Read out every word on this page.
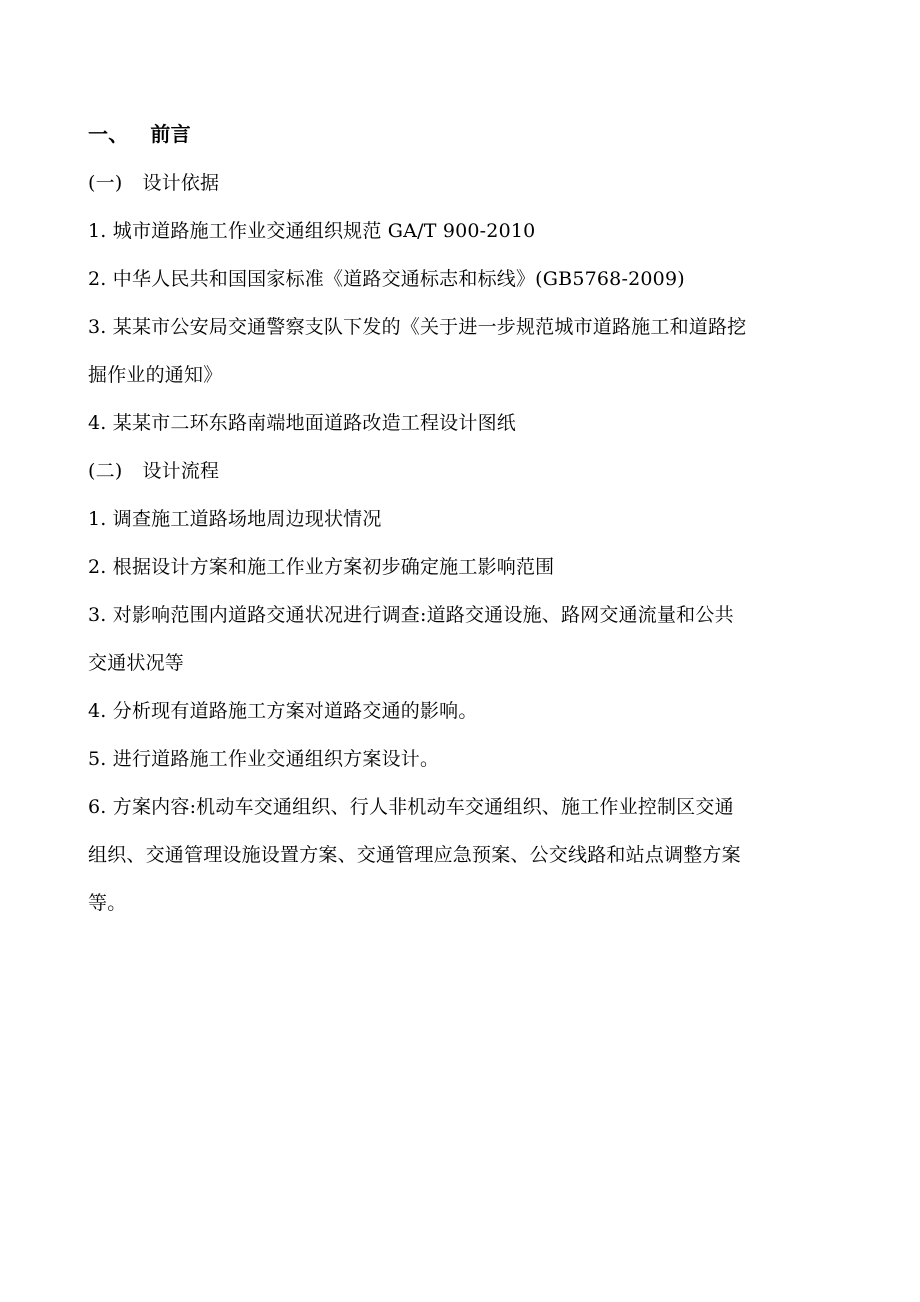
一、 前言
(一) 设计依据
1. 城市道路施工作业交通组织规范 GA/T 900-2010
2. 中华人民共和国国家标准《道路交通标志和标线》(GB5768-2009)
3. 某某市公安局交通警察支队下发的《关于进一步规范城市道路施工和道路挖
掘作业的通知》
4. 某某市二环东路南端地面道路改造工程设计图纸
(二) 设计流程
1. 调查施工道路场地周边现状情况
2. 根据设计方案和施工作业方案初步确定施工影响范围
3. 对影响范围内道路交通状况进行调查:道路交通设施、路网交通流量和公共
交通状况等
4. 分析现有道路施工方案对道路交通的影响。
5. 进行道路施工作业交通组织方案设计。
6. 方案内容:机动车交通组织、行人非机动车交通组织、施工作业控制区交通
组织、交通管理设施设置方案、交通管理应急预案、公交线路和站点调整方案
等。
